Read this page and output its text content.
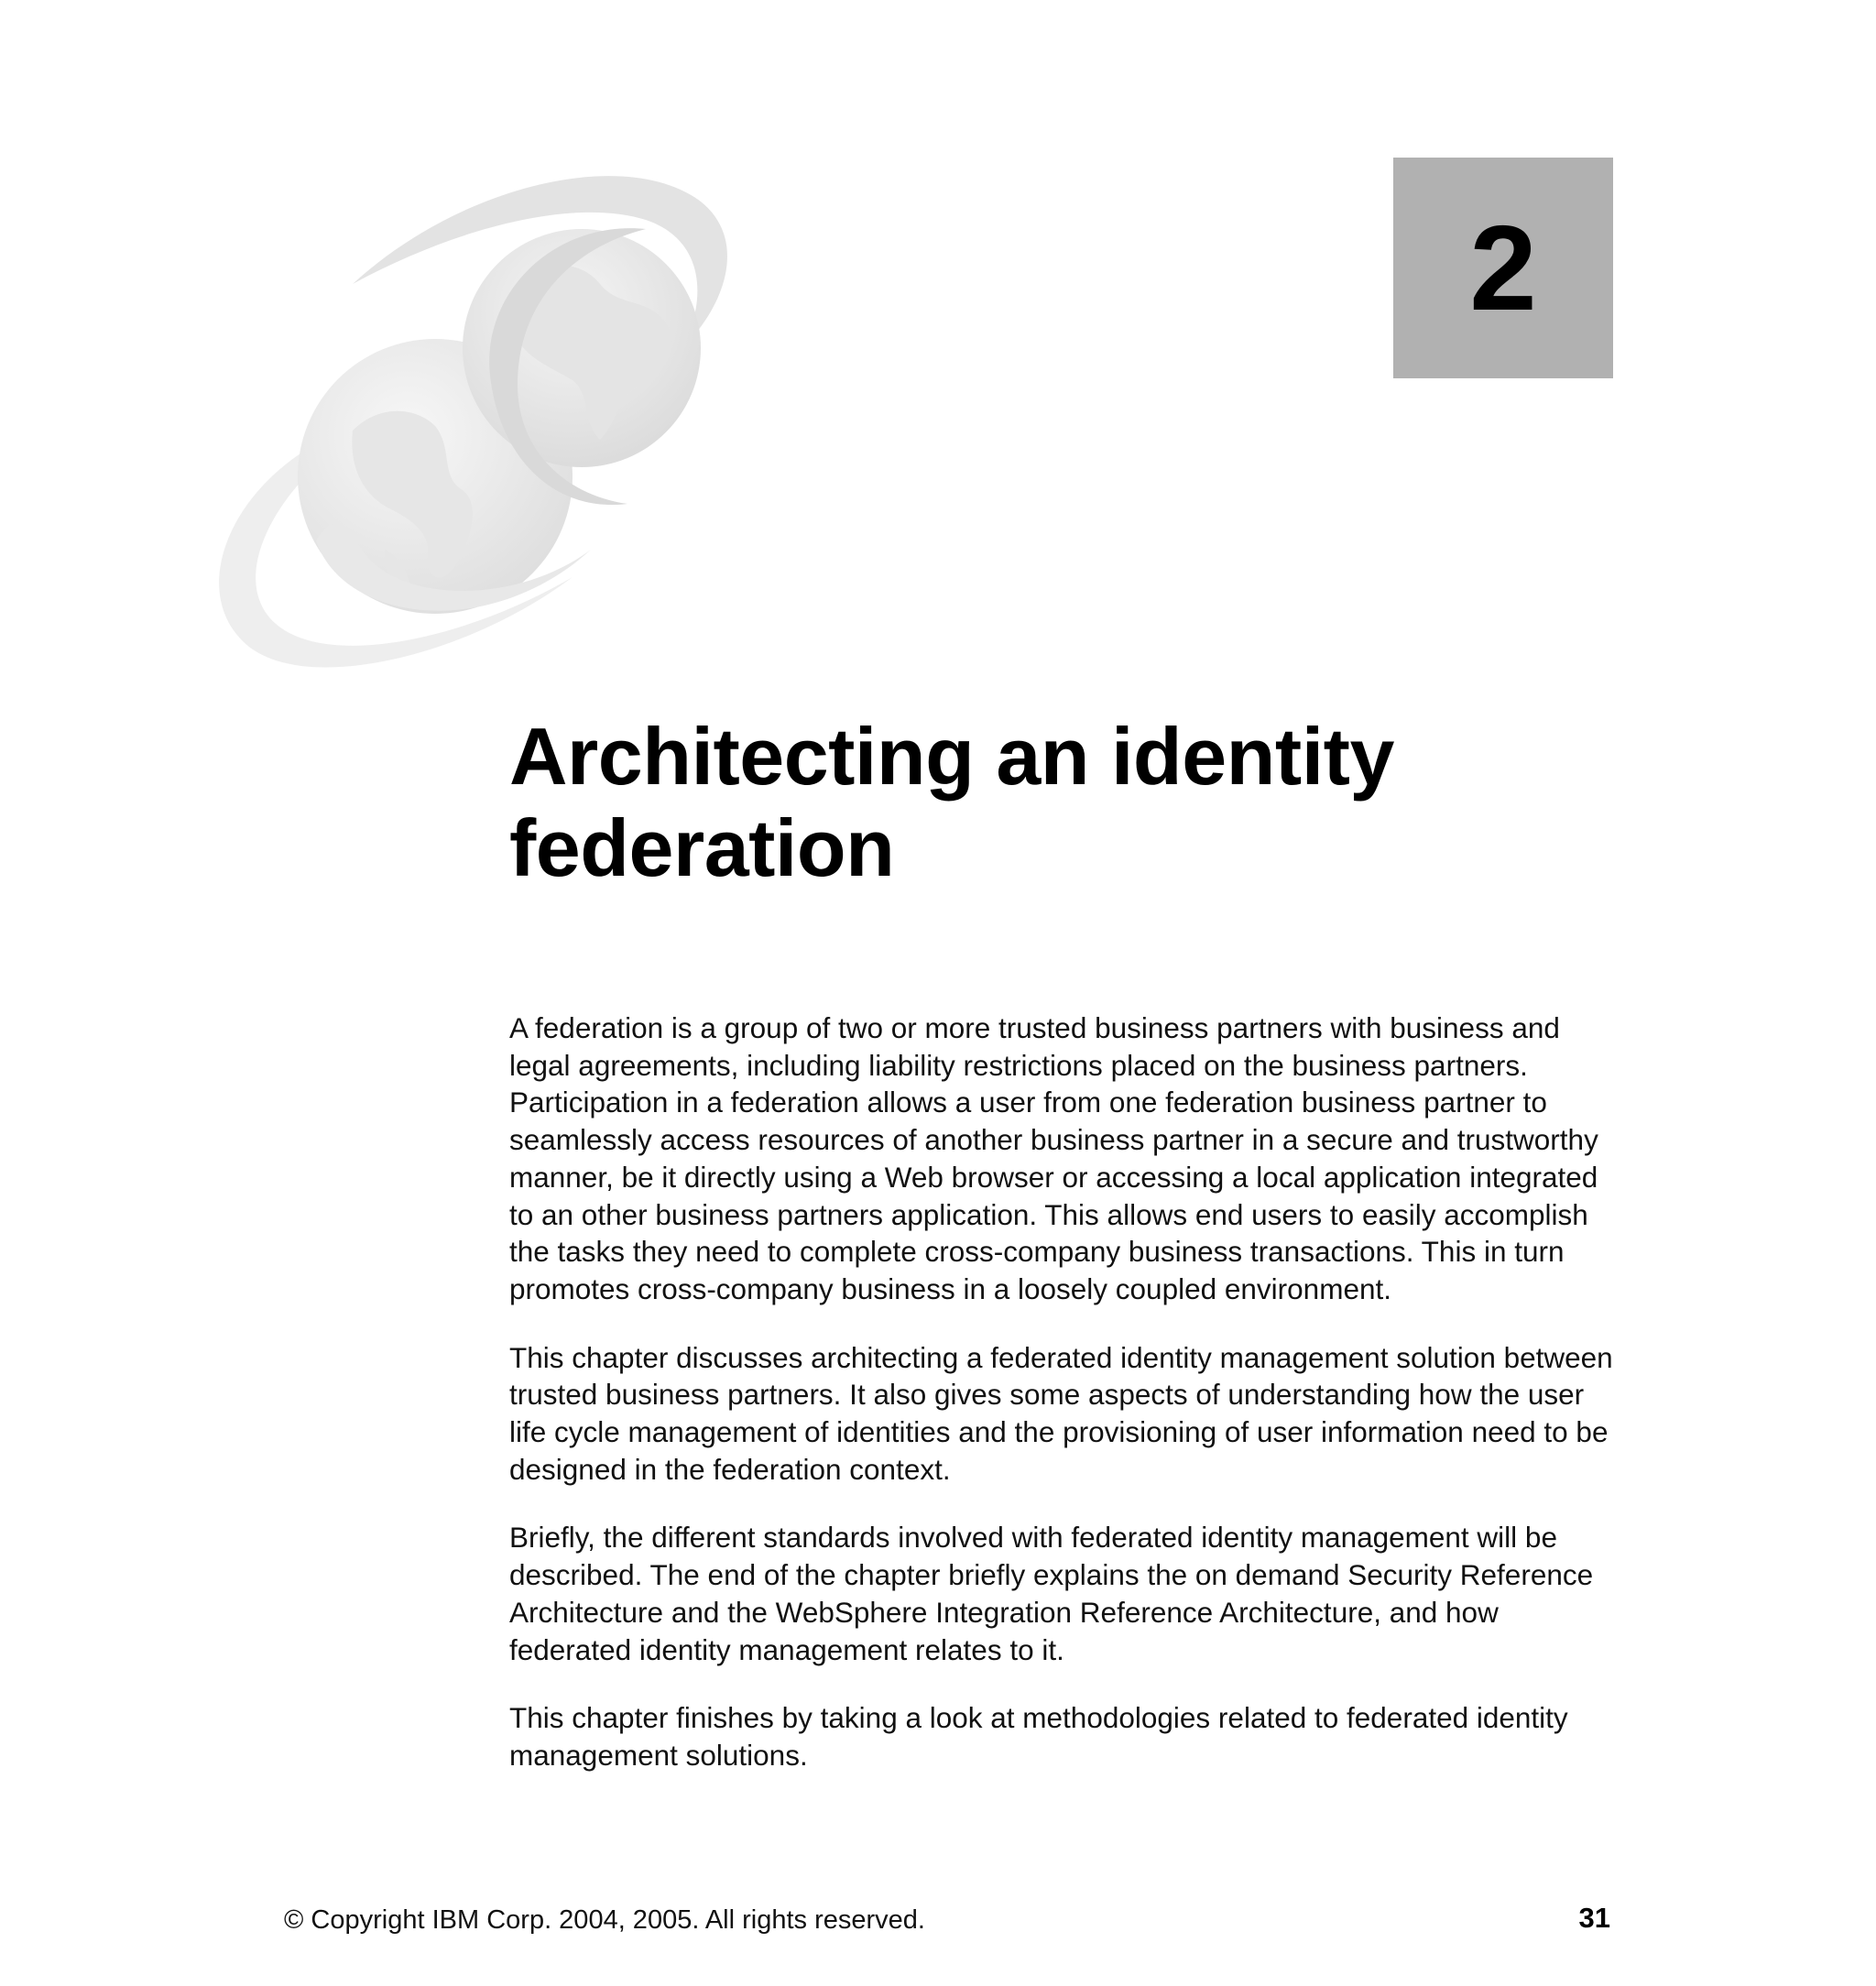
2
Architecting an identity
federation

A federation is a group of two or more trusted business partners with business and legal agreements, including liability restrictions placed on the business partners. Participation in a federation allows a user from one federation business partner to seamlessly access resources of another business partner in a secure and trustworthy manner, be it directly using a Web browser or accessing a local application integrated to an other business partners application. This allows end users to easily accomplish the tasks they need to complete cross-company business transactions. This in turn promotes cross-company business in a loosely coupled environment.

This chapter discusses architecting a federated identity management solution between trusted business partners. It also gives some aspects of understanding how the user life cycle management of identities and the provisioning of user information need to be designed in the federation context.

Briefly, the different standards involved with federated identity management will be described. The end of the chapter briefly explains the on demand Security Reference Architecture and the WebSphere Integration Reference Architecture, and how federated identity management relates to it.

This chapter finishes by taking a look at methodologies related to federated identity management solutions.

© Copyright IBM Corp. 2004, 2005. All rights reserved.	31
